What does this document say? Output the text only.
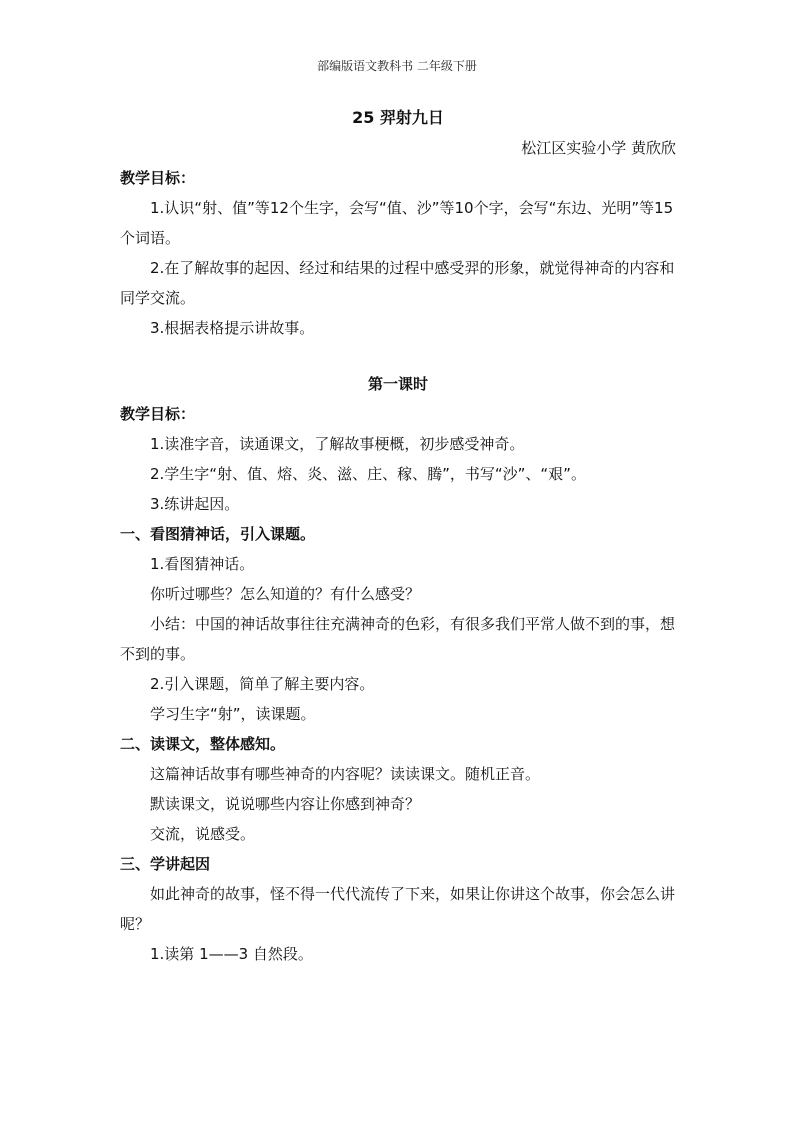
部编版语文教科书 二年级下册
25 羿射九日
松江区实验小学 黄欣欣
教学目标：

1.认识“射、值”等12个生字，会写“值、沙”等10个字，会写“东边、光明”等15个词语。

2.在了解故事的起因、经过和结果的过程中感受羿的形象，就觉得神奇的内容和同学交流。

3.根据表格提示讲故事。

第一课时
教学目标：

1.读准字音，读通课文，了解故事梗概，初步感受神奇。

2.学生字“射、值、熔、炎、滋、庄、稼、腾”，书写“沙”、“艰”。

3.练讲起因。

一、看图猜神话，引入课题。

1.看图猜神话。

你听过哪些？怎么知道的？有什么感受？

小结：中国的神话故事往往充满神奇的色彩，有很多我们平常人做不到的事，想不到的事。

2.引入课题，简单了解主要内容。

学习生字“射”，读课题。

二、读课文，整体感知。

这篇神话故事有哪些神奇的内容呢？读读课文。随机正音。

默读课文，说说哪些内容让你感到神奇？

交流，说感受。

三、学讲起因

如此神奇的故事，怪不得一代代流传了下来，如果让你讲这个故事，你会怎么讲呢？

1.读第 1——3 自然段。
